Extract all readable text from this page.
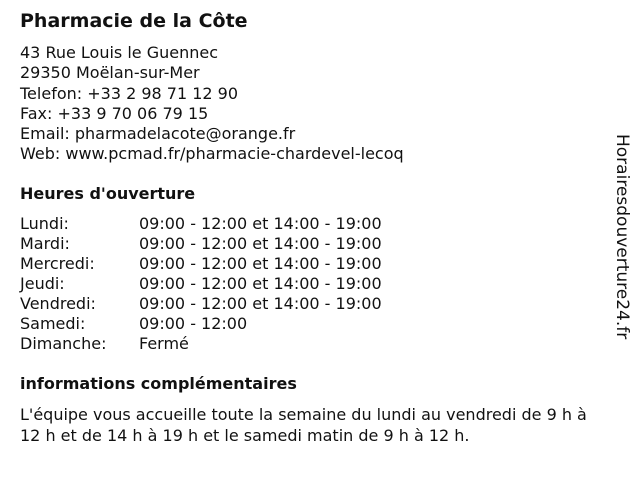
Pharmacie de la Côte
43 Rue Louis le Guennec
29350 Moëlan-sur-Mer
Telefon: +33 2 98 71 12 90
Fax: +33 9 70 06 79 15
Email: pharmadelacote@orange.fr
Web: www.pcmad.fr/pharmacie-chardevel-lecoq
Heures d'ouverture
Lundi:	09:00 - 12:00 et 14:00 - 19:00
Mardi:	09:00 - 12:00 et 14:00 - 19:00
Mercredi:	09:00 - 12:00 et 14:00 - 19:00
Jeudi:	09:00 - 12:00 et 14:00 - 19:00
Vendredi:	09:00 - 12:00 et 14:00 - 19:00
Samedi:	09:00 - 12:00
Dimanche:	Fermé
informations complémentaires
L'équipe vous accueille toute la semaine du lundi au vendredi de 9 h à 12 h et de 14 h à 19 h et le samedi matin de 9 h à 12 h.
Horairesdouverture24.fr
